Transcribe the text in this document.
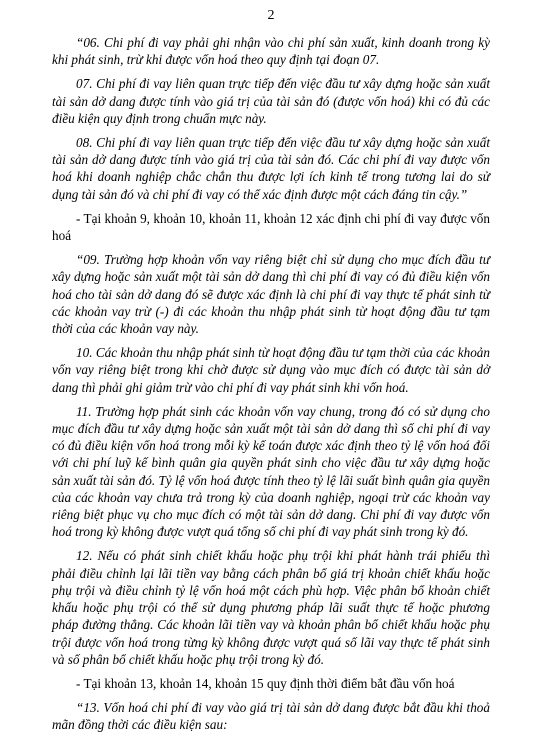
2

“06. Chi phí đi vay phải ghi nhận vào chi phí sản xuất, kinh doanh trong kỳ khi phát sinh, trừ khi được vốn hoá theo quy định tại đoạn 07.

07. Chi phí đi vay liên quan trực tiếp đến việc đầu tư xây dựng hoặc sản xuất tài sản dở dang được tính vào giá trị của tài sản đó (được vốn hoá) khi có đủ các điều kiện quy định trong chuẩn mực này.

08. Chi phí đi vay liên quan trực tiếp đến việc đầu tư xây dựng hoặc sản xuất tài sản dở dang được tính vào giá trị của tài sản đó. Các chi phí đi vay được vốn hoá khi doanh nghiệp chắc chắn thu được lợi ích kinh tế trong tương lai do sử dụng tài sản đó và chi phí đi vay có thể xác định được một cách đáng tin cậy.”

- Tại khoản 9, khoản 10, khoản 11, khoản 12 xác định chi phí đi vay được vốn hoá

“09. Trường hợp khoản vốn vay riêng biệt chỉ sử dụng cho mục đích đầu tư xây dựng hoặc sản xuất một tài sản dở dang thì chi phí đi vay có đủ điều kiện vốn hoá cho tài sản dở dang đó sẽ được xác định là chi phí đi vay thực tế phát sinh từ các khoản vay trừ (-) đi các khoản thu nhập phát sinh từ hoạt động đầu tư tạm thời của các khoản vay này.

10. Các khoản thu nhập phát sinh từ hoạt động đầu tư tạm thời của các khoản vốn vay riêng biệt trong khi chờ được sử dụng vào mục đích có được tài sản dở dang thì phải ghi giảm trừ vào chi phí đi vay phát sinh khi vốn hoá.

11. Trường hợp phát sinh các khoản vốn vay chung, trong đó có sử dụng cho mục đích đầu tư xây dựng hoặc sản xuất một tài sản dở dang thì số chi phí đi vay có đủ điều kiện vốn hoá trong mỗi kỳ kế toán được xác định theo tỷ lệ vốn hoá đối với chi phí luỹ kế bình quân gia quyền phát sinh cho việc đầu tư xây dựng hoặc sản xuất tài sản đó. Tỷ lệ vốn hoá được tính theo tỷ lệ lãi suất bình quân gia quyền của các khoản vay chưa trả trong kỳ của doanh nghiệp, ngoại trừ các khoản vay riêng biệt phục vụ cho mục đích có một tài sản dở dang. Chi phí đi vay được vốn hoá trong kỳ không được vượt quá tổng số chi phí đi vay phát sinh trong kỳ đó.

12. Nếu có phát sinh chiết khấu hoặc phụ trội khi phát hành trái phiếu thì phải điều chỉnh lại lãi tiền vay bằng cách phân bổ giá trị khoản chiết khấu hoặc phụ trội và điều chỉnh tỷ lệ vốn hoá một cách phù hợp. Việc phân bổ khoản chiết khấu hoặc phụ trội có thể sử dụng phương pháp lãi suất thực tế hoặc phương pháp đường thẳng. Các khoản lãi tiền vay và khoản phân bổ chiết khấu hoặc phụ trội được vốn hoá trong từng kỳ không được vượt quá số lãi vay thực tế phát sinh và số phân bổ chiết khấu hoặc phụ trội trong kỳ đó.

- Tại khoản 13, khoản 14, khoản 15 quy định thời điểm bắt đầu vốn hoá

“13. Vốn hoá chi phí đi vay vào giá trị tài sản dở dang được bắt đầu khi thoả mãn đồng thời các điều kiện sau:
